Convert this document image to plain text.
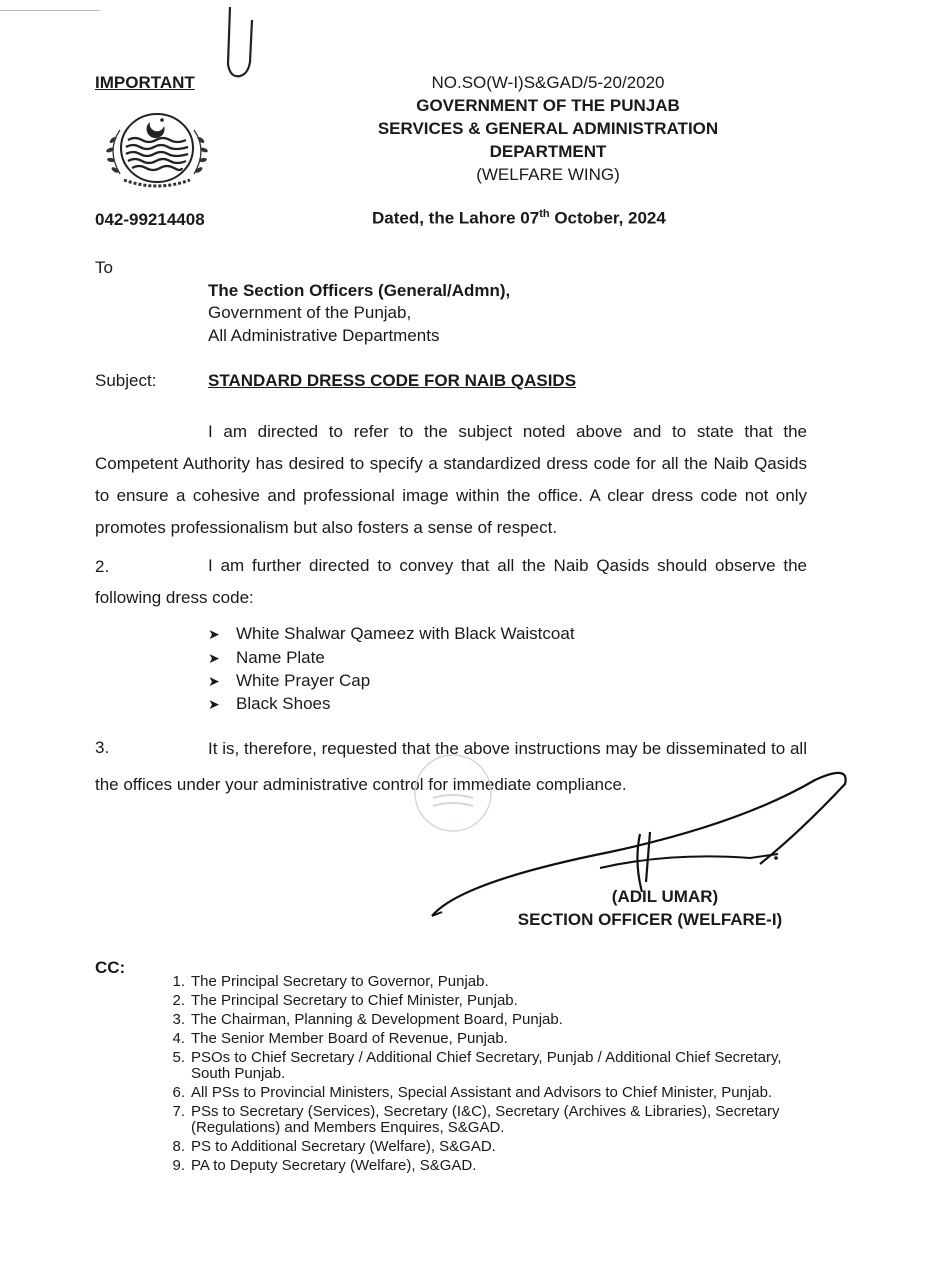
IMPORTANT	NO.SO(W-I)S&GAD/5-20/2020
GOVERNMENT OF THE PUNJAB
SERVICES & GENERAL ADMINISTRATION
DEPARTMENT
(WELFARE WING)
042-99214408	Dated, the Lahore 07th October, 2024
To
The Section Officers (General/Admn),
Government of the Punjab,
All Administrative Departments
Subject:	STANDARD DRESS CODE FOR NAIB QASIDS
I am directed to refer to the subject noted above and to state that the Competent Authority has desired to specify a standardized dress code for all the Naib Qasids to ensure a cohesive and professional image within the office. A clear dress code not only promotes professionalism but also fosters a sense of respect.
2.	I am further directed to convey that all the Naib Qasids should observe the following dress code:
➤ White Shalwar Qameez with Black Waistcoat
➤ Name Plate
➤ White Prayer Cap
➤ Black Shoes
3.	It is, therefore, requested that the above instructions may be disseminated to all the offices under your administrative control for immediate compliance.
(ADIL UMAR)
SECTION OFFICER (WELFARE-I)
CC:
1. The Principal Secretary to Governor, Punjab.
2. The Principal Secretary to Chief Minister, Punjab.
3. The Chairman, Planning & Development Board, Punjab.
4. The Senior Member Board of Revenue, Punjab.
5. PSOs to Chief Secretary / Additional Chief Secretary, Punjab / Additional Chief Secretary, South Punjab.
6. All PSs to Provincial Ministers, Special Assistant and Advisors to Chief Minister, Punjab.
7. PSs to Secretary (Services), Secretary (I&C), Secretary (Archives & Libraries), Secretary (Regulations) and Members Enquires, S&GAD.
8. PS to Additional Secretary (Welfare), S&GAD.
9. PA to Deputy Secretary (Welfare), S&GAD.
